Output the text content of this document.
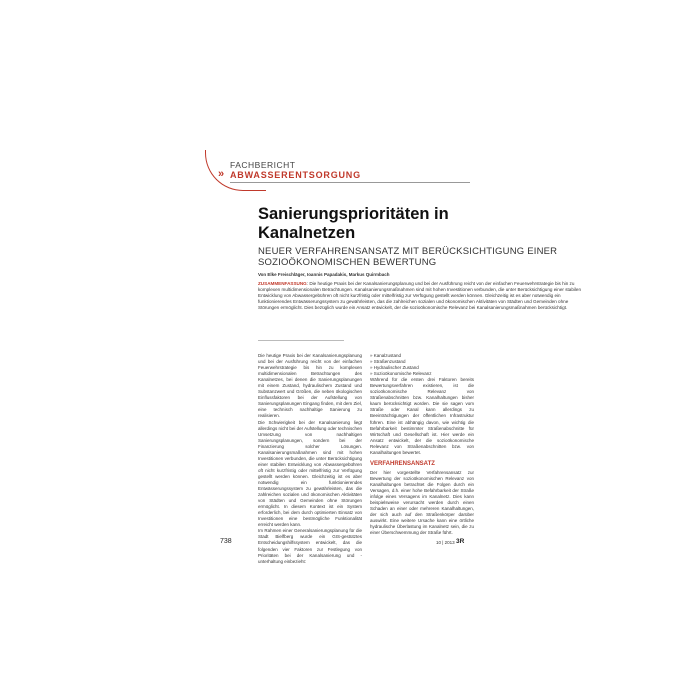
FACHBERICHT
» ABWASSERENTSORGUNG
Sanierungsprioritäten in Kanalnetzen
NEUER VERFAHRENSANSATZ MIT BERÜCKSICHTIGUNG EINER SOZIOÖKONOMISCHEN BEWERTUNG
Von Elke Freischläger, Ioannis Papadakis, Markus Quirmbach
ZUSAMMENFASSUNG: Die heutige Praxis bei der Kanalsanierungsplanung und bei der Ausführung reicht von der einfachen Feuerwehrstrategie bis hin zu komplexen multidimensionalen Betrachtungen. Kanalsanierungsmaßnahmen sind mit hohen Investitionen verbunden, die unter Berücksichtigung einer stabilen Entwicklung von Abwassergebühren oft nicht kurzfristig oder mittelfristig zur Verfügung gestellt werden können. Gleichzeitig ist es aber notwendig ein funktionierendes Entwässerungssystem zu gewährleisten, das die zahlreichen sozialen und ökonomischen Aktivitäten von Städten und Gemeinden ohne Störungen ermöglicht. Dies bezüglich wurde ein Ansatz entwickelt, der die sozioökonomische Relevanz bei Kanalsanierungsmaßnahmen berücksichtigt.

Die heutige Praxis bei der Kanalsanierungsplanung und bei der Ausführung reicht von der einfachen Feuerwehrstrategie bis hin zu komplexen multidimensionalen Betrachtungen des Kanalnetzes, bei denen die Sanierungsplanungen mit einem Zustand, hydraulischem Zustand und Substanzwert und Größen, die neben ökologischen Einflussfaktoren bei der Aufstellung von Sanierungsplanungen Eingang finden, mit dem Ziel, eine technisch nachhaltige Sanierung zu realisieren.

Die Schwierigkeit bei der Kanalsanierung liegt allerdings nicht bei der Aufstellung oder technischen Umsetzung von nachhaltigen Sanierungsplanungen, sondern bei der Finanzierung solcher Lösungen. Kanalsanierungsmaßnahmen sind mit hohen Investitionen verbunden, die unter Berücksichtigung einer stabilen Entwicklung von Abwassergebühren oft nicht kurzfristig oder mittelfristig zur Verfügung gestellt werden können. Gleichzeitig ist es aber notwendig ein funktionierendes Entwässerungssystem zu gewährleisten, das die zahlreichen sozialen und ökonomischen Aktivitäten von Städten und Gemeinden ohne Störungen ermöglicht. In diesem Kontext ist ein System erforderlich, bei dem durch optimierten Einsatz von Investitionen eine bestmögliche Funktionalität erreicht werden kann.

Im Rahmen einer Generalsanierungsplanung für die Stadt Bielfberg wurde ein GIS-gestütztes Entscheidungshilfssystem entwickelt, das die folgenden vier Faktoren zur Festlegung von Prioritäten bei der Kanalsanierung und -unterhaltung einbezieht:

» Kanalzustand

» Straßenzustand

» Hydraulischer Zustand

» Sozioökonomische Relevanz

Während für die ersten drei Faktoren bereits Bewertungsverfahren existieren, ist die sozioökonomische Relevanz von Straßenabschnitten bzw. Kanalhaltungen bisher kaum berücksichtigt worden. Die sie sagen vom Straße oder Kanal kann allerdings zu Beeinträchtigungen der öffentlichen Infrastruktur führen. Eine ist abhängig davon, wie wichtig die Befahrbarkeit bestimmter Straßenabschnitte für Wirtschaft und Gesellschaft ist. Hier werde ein Ansatz entwickelt, der die sozioökonomische Relevanz von Straßenabschnitten bzw. von Kanalhaltungen bewertet.

VERFAHRENSANSATZ

Der hier vorgestellte Verfahrensansatz zur Bewertung der sozioökonomischen Relevanz von Kanalhaltungen betrachtet die Folgen durch ein Versagen, d.h. einer hohe Befahrbarkeit der Straße infolge eines Versagens im Kanalnetz. Dies kann beispielsweise verursacht werden durch einen Schaden an einer oder mehreren Kanalhaltungen, der sich auch auf den Straßenkörper darüber auswirkt. Eine weitere Ursache kann eine örtliche hydraulische Überlastung im Kanalnetz sein, die zu einer Überschwemmung der Straße führt.

738	10 | 2013 3R
